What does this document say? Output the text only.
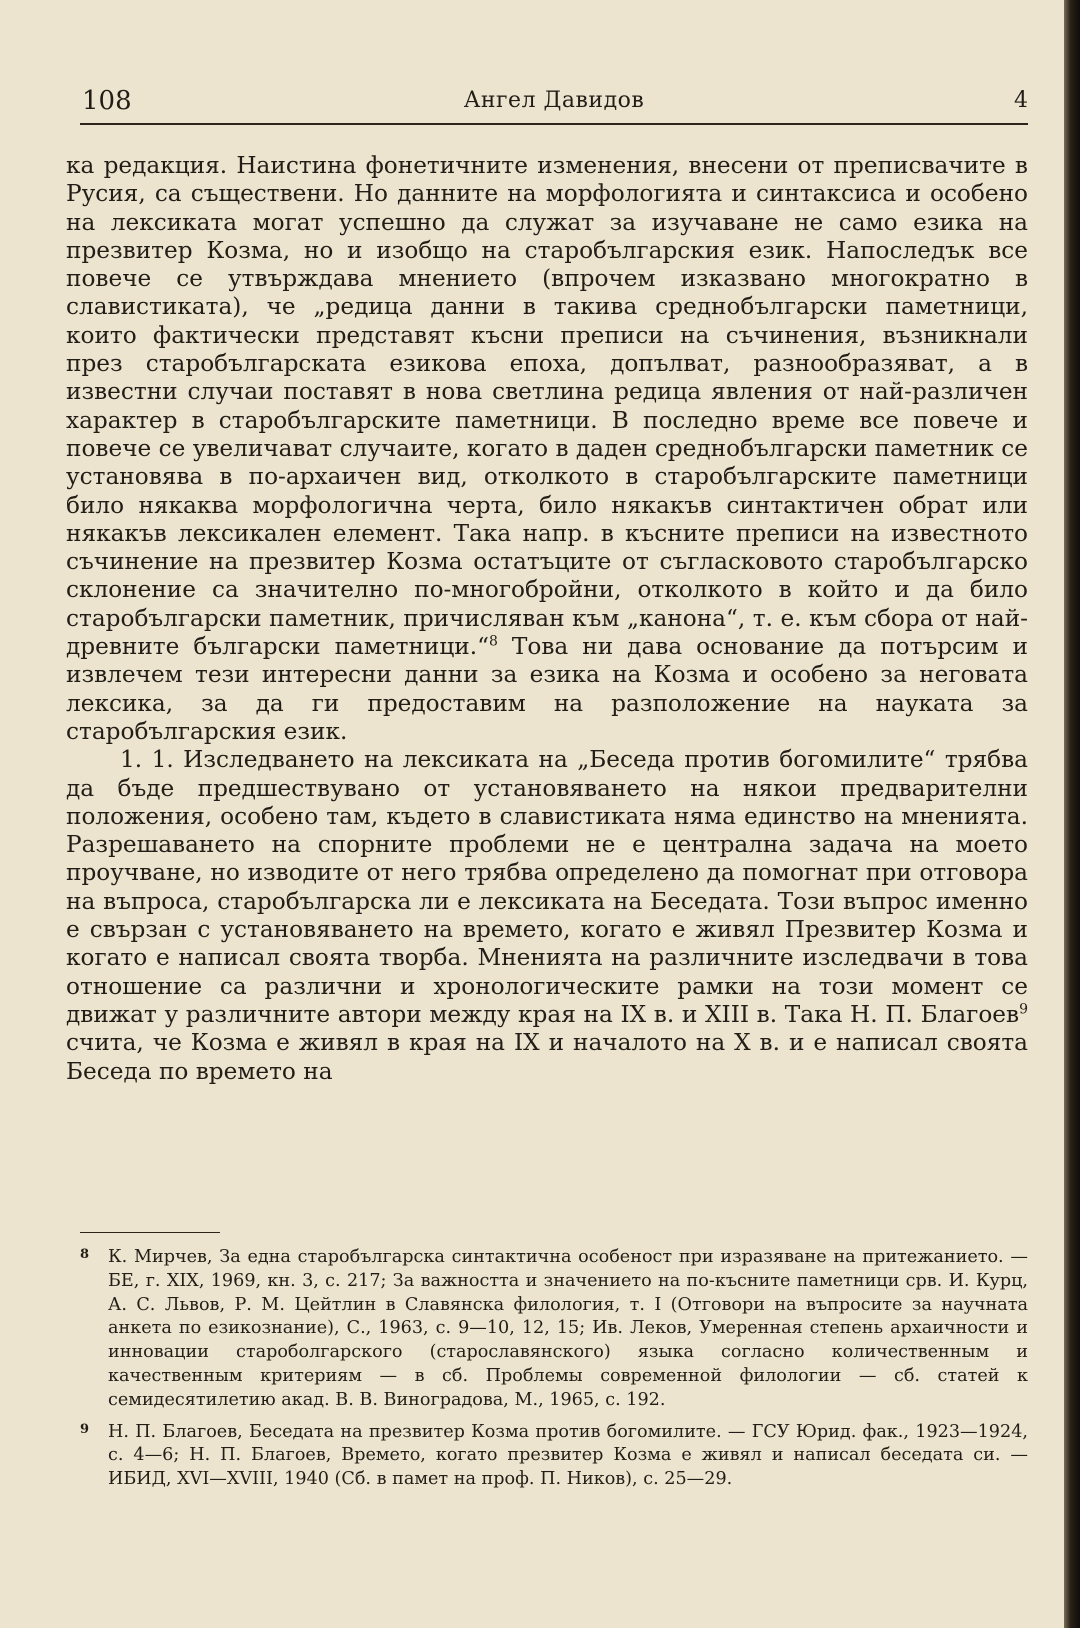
108	Ангел Давидов	4

ка редакция. Наистина фонетичните изменения, внесени от преписвачите в Русия, са съществени. Но данните на морфологията и синтаксиса и особено на лексиката могат успешно да служат за изучаване не само езика на презвитер Козма, но и изобщо на старобългарския език. Напоследък все повече се утвърждава мнението (впрочем изказвано многократно в славистиката), че „редица данни в такива среднобългарски паметници, които фактически представят късни преписи на съчинения, възникнали през старобългарската езикова епоха, допълват, разнообразяват, а в известни случаи поставят в нова светлина редица явления от най-различен характер в старобългарските паметници. В последно време все повече и повече се увеличават случаите, когато в даден среднобългарски паметник се установява в по-архаичен вид, отколкото в старобългарските паметници било някаква морфологична черта, било някакъв синтактичен обрат или някакъв лексикален елемент. Така напр. в късните преписи на известното съчинение на презвитер Козма остатъците от съгласковото старобългарско склонение са значително по-многобройни, отколкото в който и да било старобългарски паметник, причисляван към „канона“, т. е. към сбора от най-древните български паметници.“$^8$ Това ни дава основание да потърсим и извлечем тези интересни данни за езика на Козма и особено за неговата лексика, за да ги предоставим на разположение на науката за старобългарския език.

1. 1. Изследването на лексиката на „Беседа против богомилите“ трябва да бъде предшествувано от установяването на някои предварителни положения, особено там, където в славистиката няма единство на мненията. Разрешаването на спорните проблеми не е централна задача на моето проучване, но изводите от него трябва определено да помогнат при отговора на въпроса, старобългарска ли е лексиката на Беседата. Този въпрос именно е свързан с установяването на времето, когато е живял Презвитер Козма и когато е написал своята творба. Мненията на различните изследвачи в това отношение са различни и хронологическите рамки на този момент се движат у различните автори между края на IX в. и XIII в. Така Н. П. Благоев$^9$ счита, че Козма е живял в края на IX и началото на X в. и е написал своята Беседа по времето на

8 К. Мирчев, За една старобългарска синтактична особеност при изразяване на притежанието. — БЕ, г. XIX, 1969, кн. 3, с. 217; За важността и значението на по-късните паметници срв. И. Курц, А. С. Львов, Р. М. Цейтлин в Славянска филология, т. I (Отговори на въпросите за научната анкета по езикознание), С., 1963, с. 9—10, 12, 15; Ив. Леков, Умеренная степень архаичности и инновации староболгарского (старославянского) языка согласно количественным и качественным критериям — в сб. Проблемы современной филологии — сб. статей к семидесятилетию акад. В. В. Виноградова, М., 1965, с. 192.

9 Н. П. Благоев, Беседата на презвитер Козма против богомилите. — ГСУ Юрид. фак., 1923—1924, с. 4—6; Н. П. Благоев, Времето, когато презвитер Козма е живял и написал беседата си. — ИБИД, XVI—XVIII, 1940 (Сб. в памет на проф. П. Ников), с. 25—29.
